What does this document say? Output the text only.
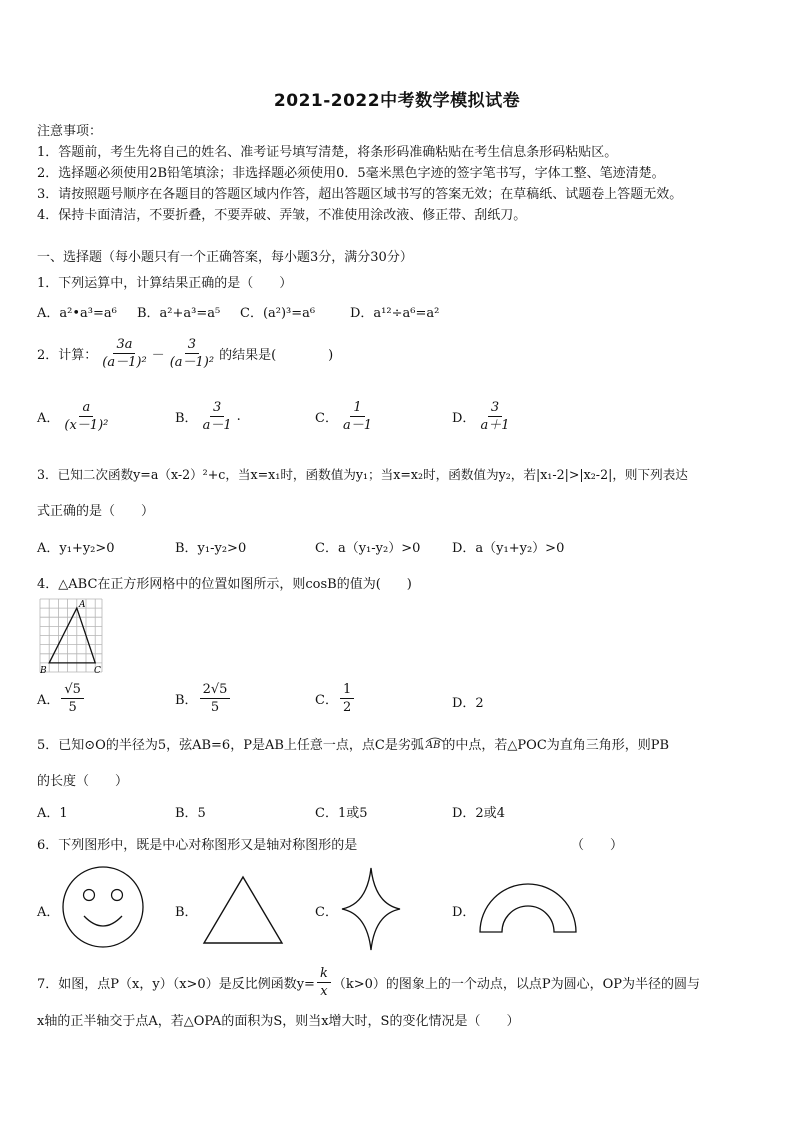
2021-2022中考数学模拟试卷
注意事项：
1．答题前，考生先将自己的姓名、准考证号填写清楚，将条形码准确粘贴在考生信息条形码粘贴区。
2．选择题必须使用2B铅笔填涂；非选择题必须使用0．5毫米黑色字迹的签字笔书写，字体工整、笔迹清楚。
3．请按照题号顺序在各题目的答题区域内作答，超出答题区域书写的答案无效；在草稿纸、试题卷上答题无效。
4．保持卡面清洁，不要折叠，不要弄破、弄皱，不准使用涂改液、修正带、刮纸刀。
一、选择题（每小题只有一个正确答案，每小题3分，满分30分）
1．下列运算中，计算结果正确的是（　　）
A．a²•a³=a⁶ B．a²+a³=a⁵ C．(a²)³=a⁶	D．a¹²÷a⁶=a²
2．计算： $\frac{3a}{\text{(a－1)²}} - \frac{3}{\text{(a－1)²}}$ 的结果是(　　　　)
A． $\frac{a}{\text{(x－1)²}}$	B． $\frac{3}{a-1}$ .	C． $\frac{1}{a-1}$	D． $\frac{3}{a+1}$
3．已知二次函数y=a（x-2）²+c，当x=x₁时，函数值为y₁；当x=x₂时，函数值为y₂，若|x₁-2|>|x₂-2|，则下列表达
式正确的是（　　）
A．y₁+y₂>0	B．y₁-y₂>0	C．a（y₁-y₂）>0 D．a（y₁+y₂）>0
4．△ABC在正方形网格中的位置如图所示，则cosB的值为(　　)
A
B	C
A． $\frac{√5}{5}$	B． $\frac{2√5}{5}$	C． $\frac{1}{2}$	D．2
5．已知⊙O的半径为5，弦AB=6，P是AB上任意一点，点C是劣弧 AB 的中点，若△POC为直角三角形，则PB
的长度（　　）
A．1	B．5	C．1或5	D．2或4
6．下列图形中，既是中心对称图形又是轴对称图形的是	（　　）
A．	B．	C．	D．
7．如图，点P（x，y）（x>0）是反比例函数$y= \frac{k}{x} (k>0)$的图象上的一个动点，以点P为圆心，OP为半径的圆与
x轴的正半轴交于点A，若△OPA的面积为S，则当x增大时，S的变化情况是（　　）
